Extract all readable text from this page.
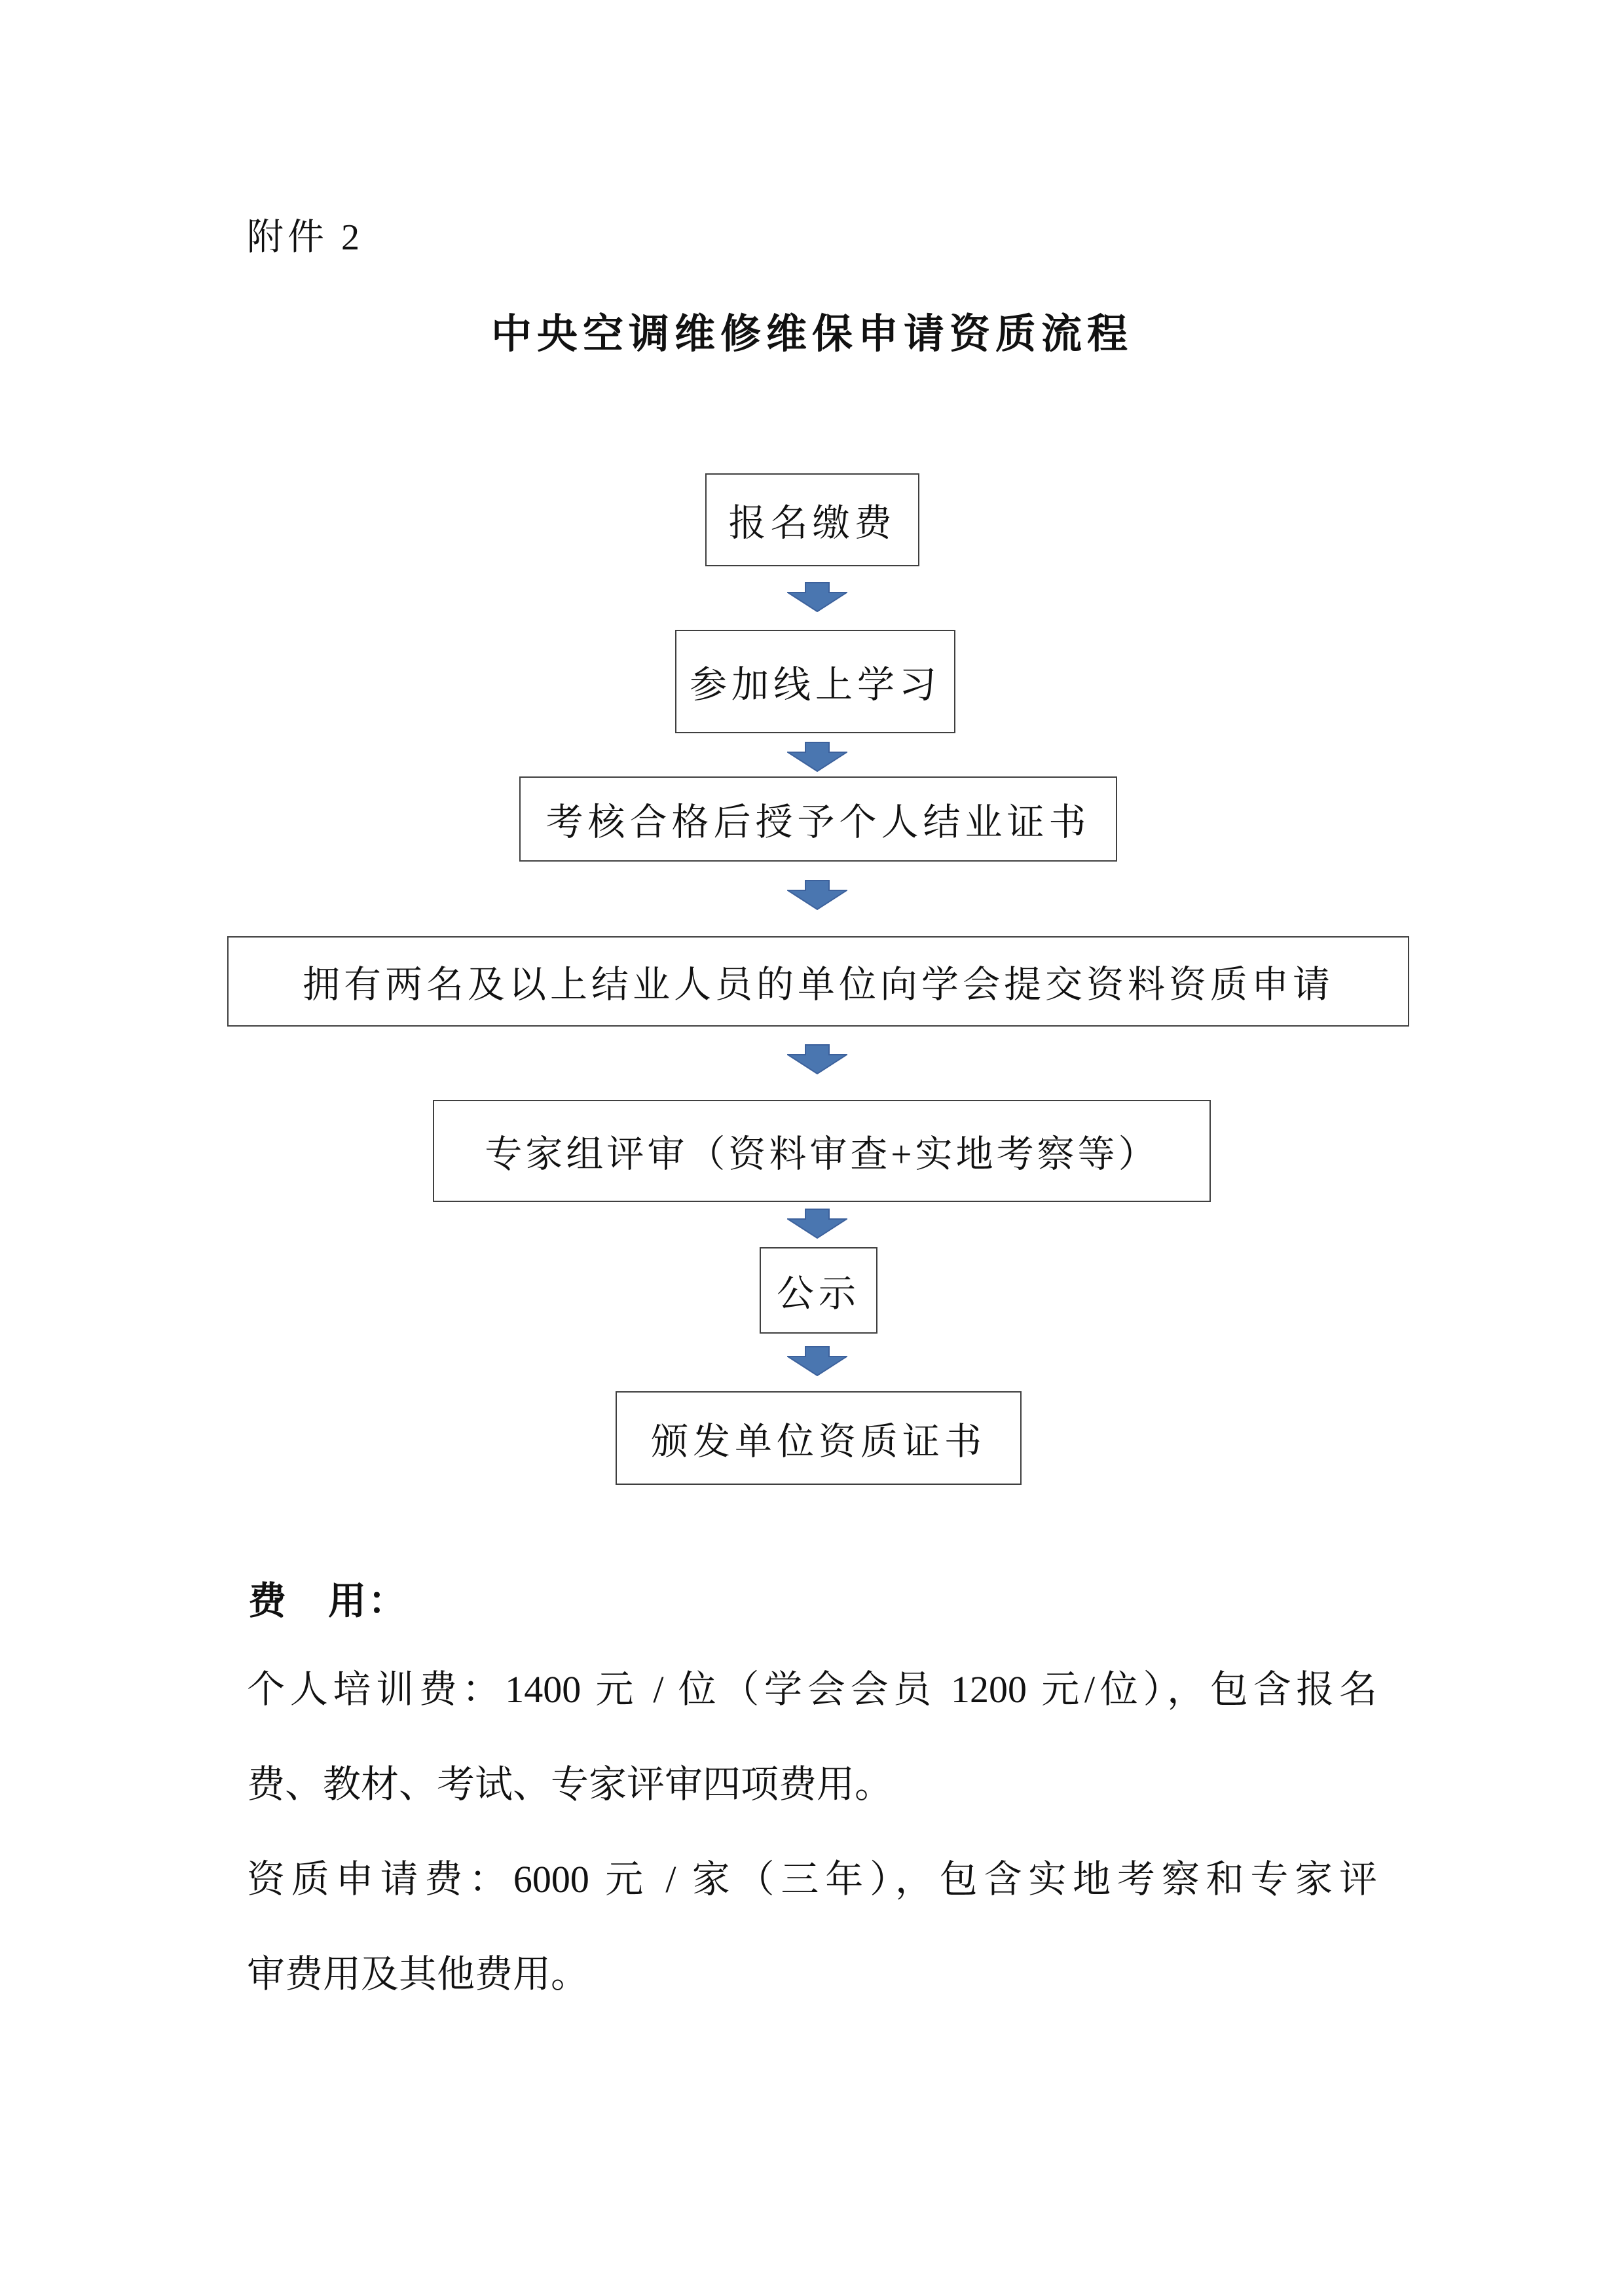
附件 2
中央空调维修维保申请资质流程
报名缴费
参加线上学习
考核合格后授予个人结业证书
拥有两名及以上结业人员的单位向学会提交资料资质申请
专家组评审（资料审查+实地考察等）
公示
颁发单位资质证书
费　用：
个人培训费：1400 元 / 位（学会会员 1200 元/位），包含报名
费、教材、考试、专家评审四项费用。
资质申请费：6000 元 / 家（三年），包含实地考察和专家评
审费用及其他费用。
